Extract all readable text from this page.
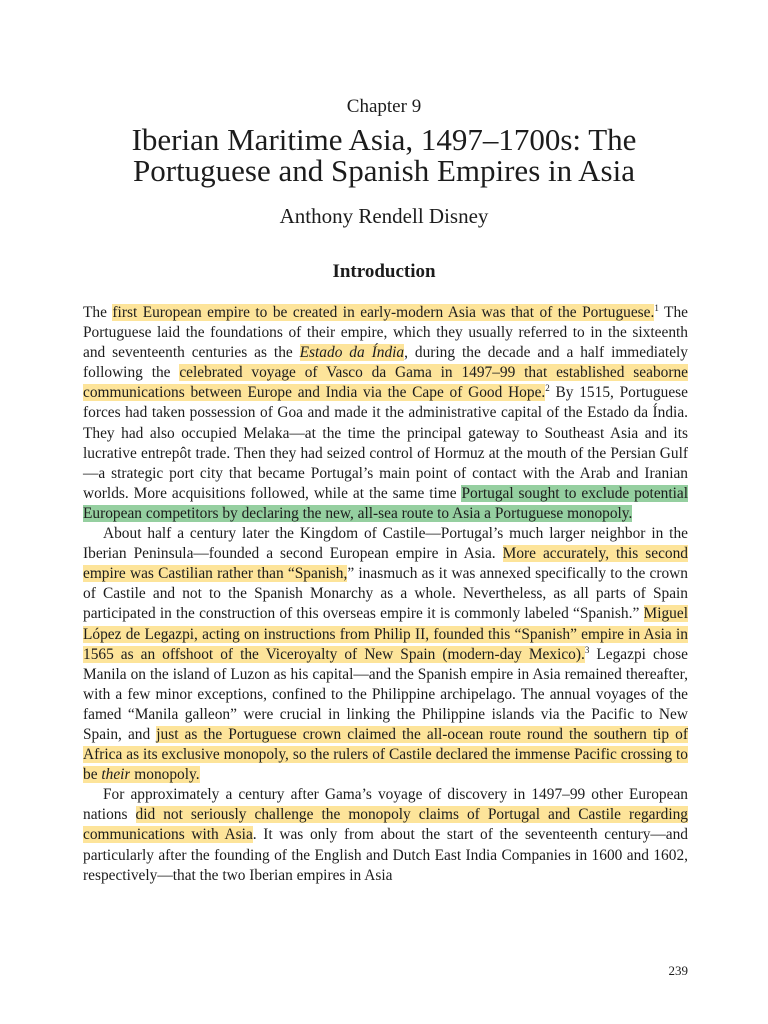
Chapter 9
Iberian Maritime Asia, 1497–1700s: The
Portuguese and Spanish Empires in Asia
Anthony Rendell Disney
Introduction

The first European empire to be created in early-modern Asia was that of the Portuguese.$^1$ The Portuguese laid the foundations of their empire, which they usually referred to in the sixteenth and seventeenth centuries as the Estado da Índia, during the decade and a half immediately following the celebrated voyage of Vasco da Gama in 1497–99 that established seaborne communications between Europe and India via the Cape of Good Hope.$^2$ By 1515, Portuguese forces had taken possession of Goa and made it the administrative capital of the Estado da Índia. They had also occupied Melaka—at the time the principal gateway to Southeast Asia and its lucrative entrepôt trade. Then they had seized control of Hormuz at the mouth of the Persian Gulf—a strategic port city that became Portugal’s main point of contact with the Arab and Iranian worlds. More acquisitions followed, while at the same time Portugal sought to exclude potential European competitors by declaring the new, all-sea route to Asia a Portuguese monopoly.

About half a century later the Kingdom of Castile—Portugal’s much larger neighbor in the Iberian Peninsula—founded a second European empire in Asia. More accurately, this second empire was Castilian rather than “Spanish,” inasmuch as it was annexed specifically to the crown of Castile and not to the Spanish Monarchy as a whole. Nevertheless, as all parts of Spain participated in the construction of this overseas empire it is commonly labeled “Spanish.” Miguel López de Legazpi, acting on instructions from Philip II, founded this “Spanish” empire in Asia in 1565 as an offshoot of the Viceroyalty of New Spain (modern-day Mexico).$^3$ Legazpi chose Manila on the island of Luzon as his capital—and the Spanish empire in Asia remained thereafter, with a few minor exceptions, confined to the Philippine archipelago. The annual voyages of the famed “Manila galleon” were crucial in linking the Philippine islands via the Pacific to New Spain, and just as the Portuguese crown claimed the all-ocean route round the southern tip of Africa as its exclusive monopoly, so the rulers of Castile declared the immense Pacific crossing to be their monopoly.

For approximately a century after Gama’s voyage of discovery in 1497–99 other European nations did not seriously challenge the monopoly claims of Portugal and Castile regarding communications with Asia. It was only from about the start of the seventeenth century—and particularly after the founding of the English and Dutch East India Companies in 1600 and 1602, respectively—that the two Iberian empires in Asia

239
